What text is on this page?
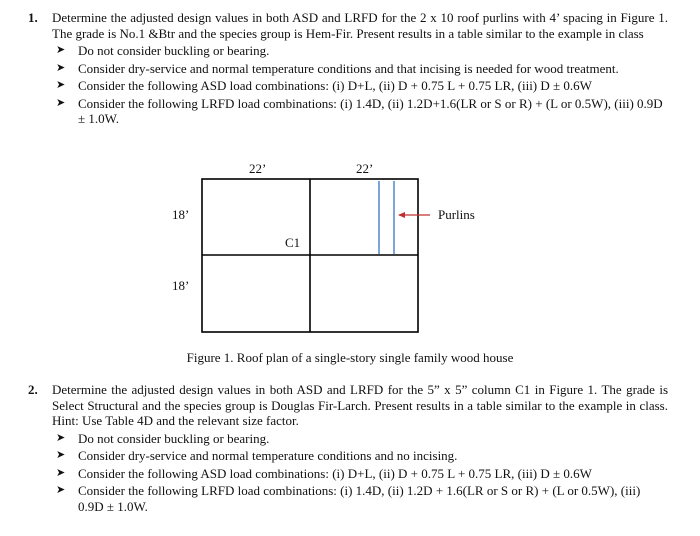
1. Determine the adjusted design values in both ASD and LRFD for the 2 x 10 roof purlins with 4’ spacing in Figure 1. The grade is No.1 &Btr and the species group is Hem-Fir. Present results in a table similar to the example in class
➤ Do not consider buckling or bearing.
➤ Consider dry-service and normal temperature conditions and that incising is needed for wood treatment.
➤ Consider the following ASD load combinations: (i) D+L, (ii) D + 0.75 L + 0.75 LR, (iii) D ± 0.6W
➤ Consider the following LRFD load combinations: (i) 1.4D, (ii) 1.2D+1.6(LR or S or R) + (L or 0.5W), (iii) 0.9D ± 1.0W.
22’	22’
18’
18’
C1
Purlins
Figure 1. Roof plan of a single-story single family wood house
2. Determine the adjusted design values in both ASD and LRFD for the 5” x 5” column C1 in Figure 1. The grade is Select Structural and the species group is Douglas Fir-Larch. Present results in a table similar to the example in class. Hint: Use Table 4D and the relevant size factor.
➤ Do not consider buckling or bearing.
➤ Consider dry-service and normal temperature conditions and no incising.
➤ Consider the following ASD load combinations: (i) D+L, (ii) D + 0.75 L + 0.75 LR, (iii) D ± 0.6W
➤ Consider the following LRFD load combinations: (i) 1.4D, (ii) 1.2D + 1.6(LR or S or R) + (L or 0.5W), (iii) 0.9D ± 1.0W.
